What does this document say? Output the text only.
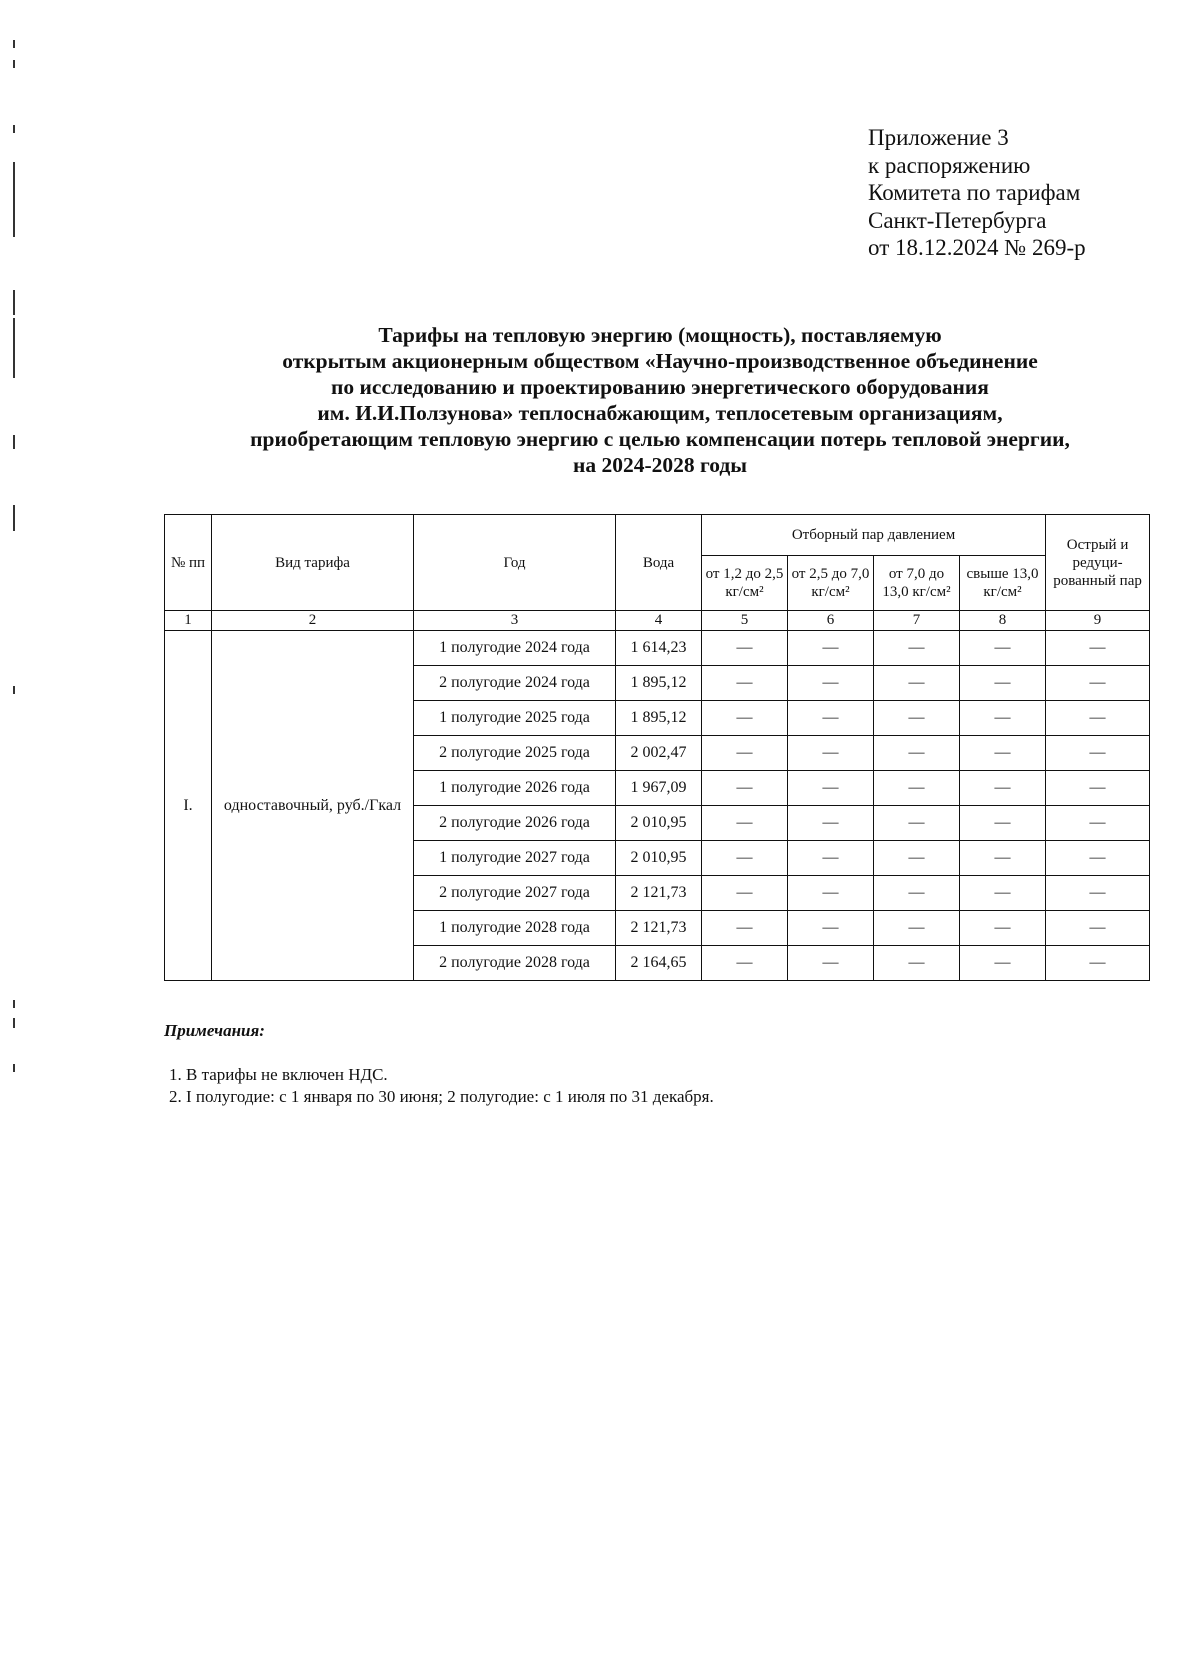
Приложение 3
к распоряжению
Комитета по тарифам
Санкт-Петербурга
от 18.12.2024 № 269-р
Тарифы на тепловую энергию (мощность), поставляемую
открытым акционерным обществом «Научно-производственное объединение
по исследованию и проектированию энергетического оборудования
им. И.И.Ползунова» теплоснабжающим, теплосетевым организациям,
приобретающим тепловую энергию с целью компенсации потерь тепловой энергии,
на 2024-2028 годы
№ пп	Вид тарифа	Год	Вода	Отборный пар давлением				Острый и редуци-рованный пар
				от 1,2 до 2,5 кг/см²	от 2,5 до 7,0 кг/см²	от 7,0 до 13,0 кг/см²	свыше 13,0 кг/см²	
1	2	3	4	5	6	7	8	9
I.	одноставочный, руб./Гкал	1 полугодие 2024 года	1 614,23	—	—	—	—	—
		2 полугодие 2024 года	1 895,12	—	—	—	—	—
		1 полугодие 2025 года	1 895,12	—	—	—	—	—
		2 полугодие 2025 года	2 002,47	—	—	—	—	—
		1 полугодие 2026 года	1 967,09	—	—	—	—	—
		2 полугодие 2026 года	2 010,95	—	—	—	—	—
		1 полугодие 2027 года	2 010,95	—	—	—	—	—
		2 полугодие 2027 года	2 121,73	—	—	—	—	—
		1 полугодие 2028 года	2 121,73	—	—	—	—	—
		2 полугодие 2028 года	2 164,65	—	—	—	—	—
Примечания:
1. В тарифы не включен НДС.
2. I полугодие: с 1 января по 30 июня; 2 полугодие: с 1 июля по 31 декабря.
